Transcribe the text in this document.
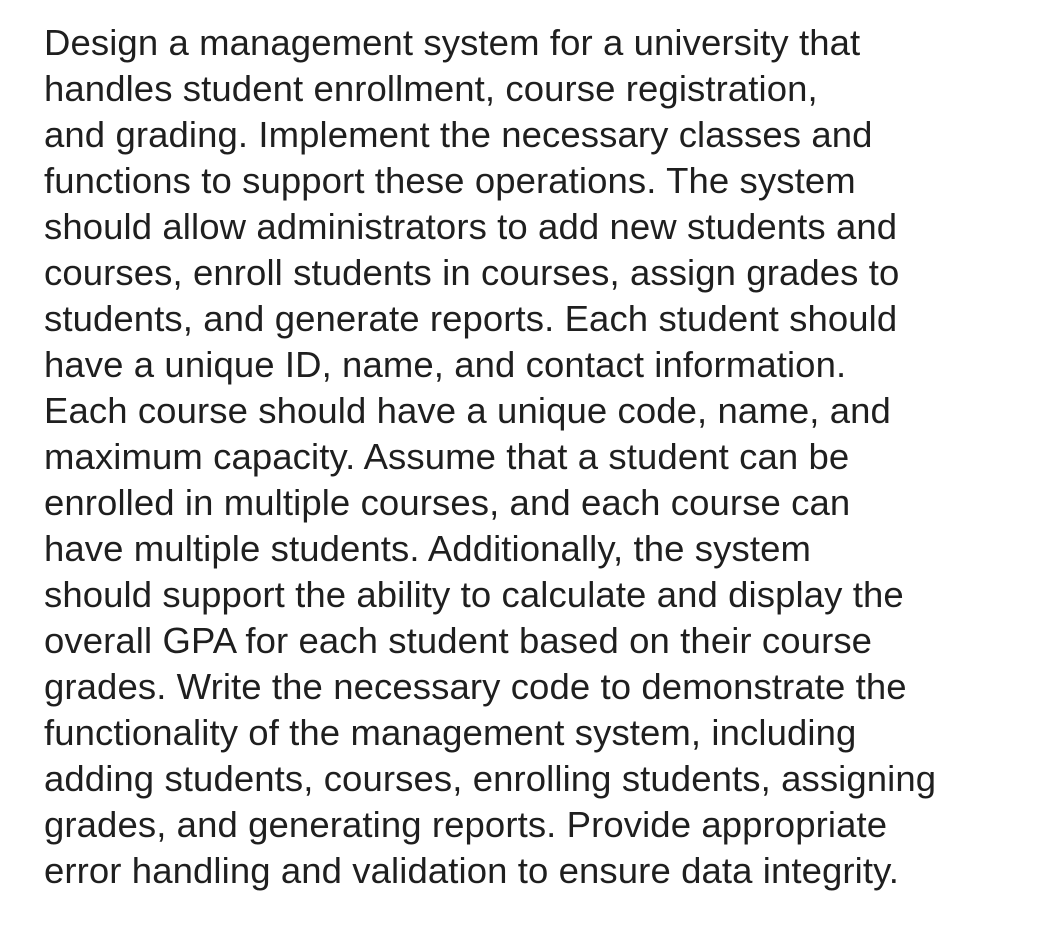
Design a management system for a university that
handles student enrollment, course registration,
and grading. Implement the necessary classes and
functions to support these operations. The system
should allow administrators to add new students and
courses, enroll students in courses, assign grades to
students, and generate reports. Each student should
have a unique ID, name, and contact information.
Each course should have a unique code, name, and
maximum capacity. Assume that a student can be
enrolled in multiple courses, and each course can
have multiple students. Additionally, the system
should support the ability to calculate and display the
overall GPA for each student based on their course
grades. Write the necessary code to demonstrate the
functionality of the management system, including
adding students, courses, enrolling students, assigning
grades, and generating reports. Provide appropriate
error handling and validation to ensure data integrity.
